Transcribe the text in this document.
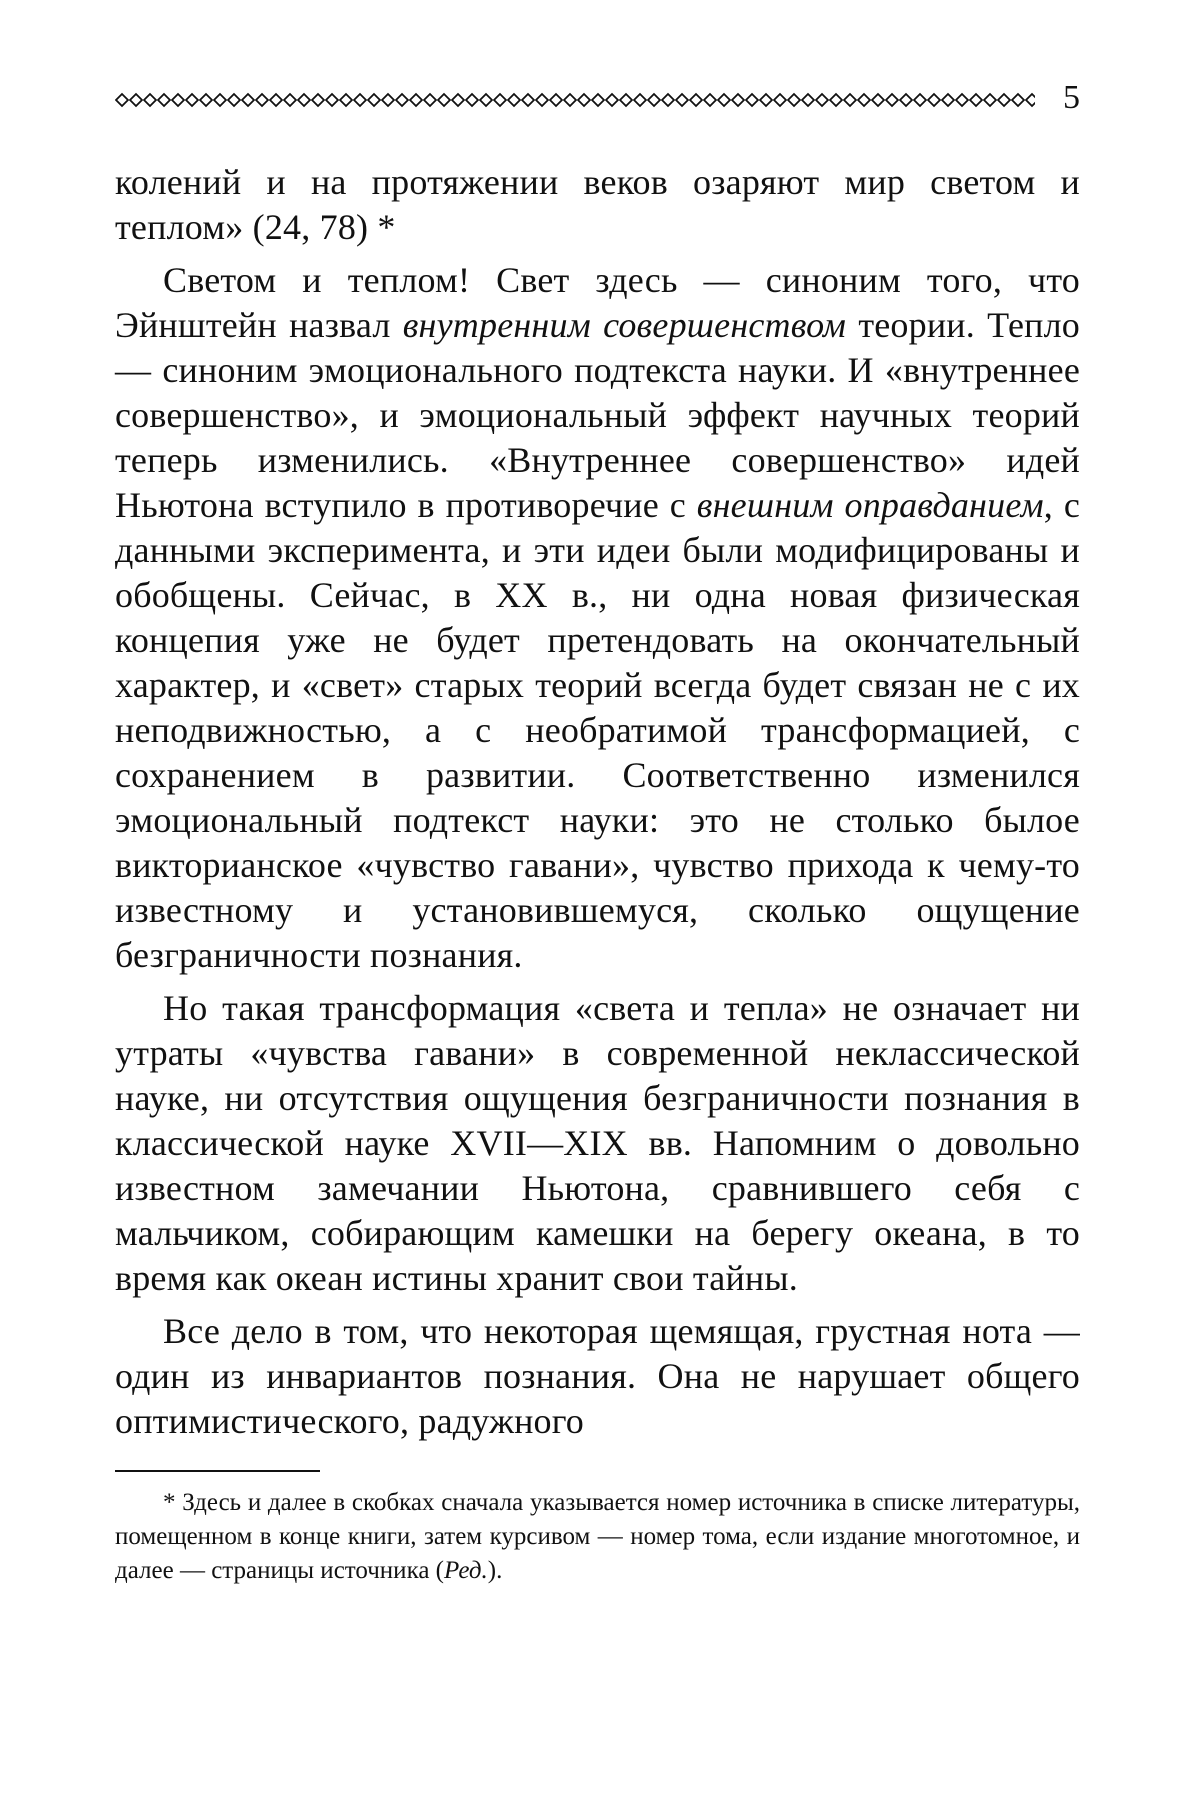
5

колений и на протяжении веков озаряют мир светом и теплом» (24, 78) *

Светом и теплом! Свет здесь — синоним того, что Эйнштейн назвал внутренним совершенством теории. Тепло — синоним эмоционального подтекста науки. И «внутреннее совершенство», и эмоциональный эффект научных теорий теперь изменились. «Внутреннее совершенство» идей Ньютона вступило в противоречие с внешним оправданием, с данными эксперимента, и эти идеи были модифицированы и обобщены. Сейчас, в XX в., ни одна новая физическая концепия уже не будет претендовать на окончательный характер, и «свет» старых теорий всегда будет связан не с их неподвижностью, а с необратимой трансформацией, с сохранением в развитии. Соответственно изменился эмоциональный подтекст науки: это не столько былое викторианское «чувство гавани», чувство прихода к чему-то известному и установившемуся, сколько ощущение безграничности познания.

Но такая трансформация «света и тепла» не означает ни утраты «чувства гавани» в современной неклассической науке, ни отсутствия ощущения безграничности познания в классической науке XVII—XIX вв. Напомним о довольно известном замечании Ньютона, сравнившего себя с мальчиком, собирающим камешки на берегу океана, в то время как океан истины хранит свои тайны.

Все дело в том, что некоторая щемящая, грустная нота — один из инвариантов познания. Она не нарушает общего оптимистического, радужного

* Здесь и далее в скобках сначала указывается номер источника в списке литературы, помещенном в конце книги, затем курсивом — номер тома, если издание многотомное, и далее — страницы источника (Ред.).
